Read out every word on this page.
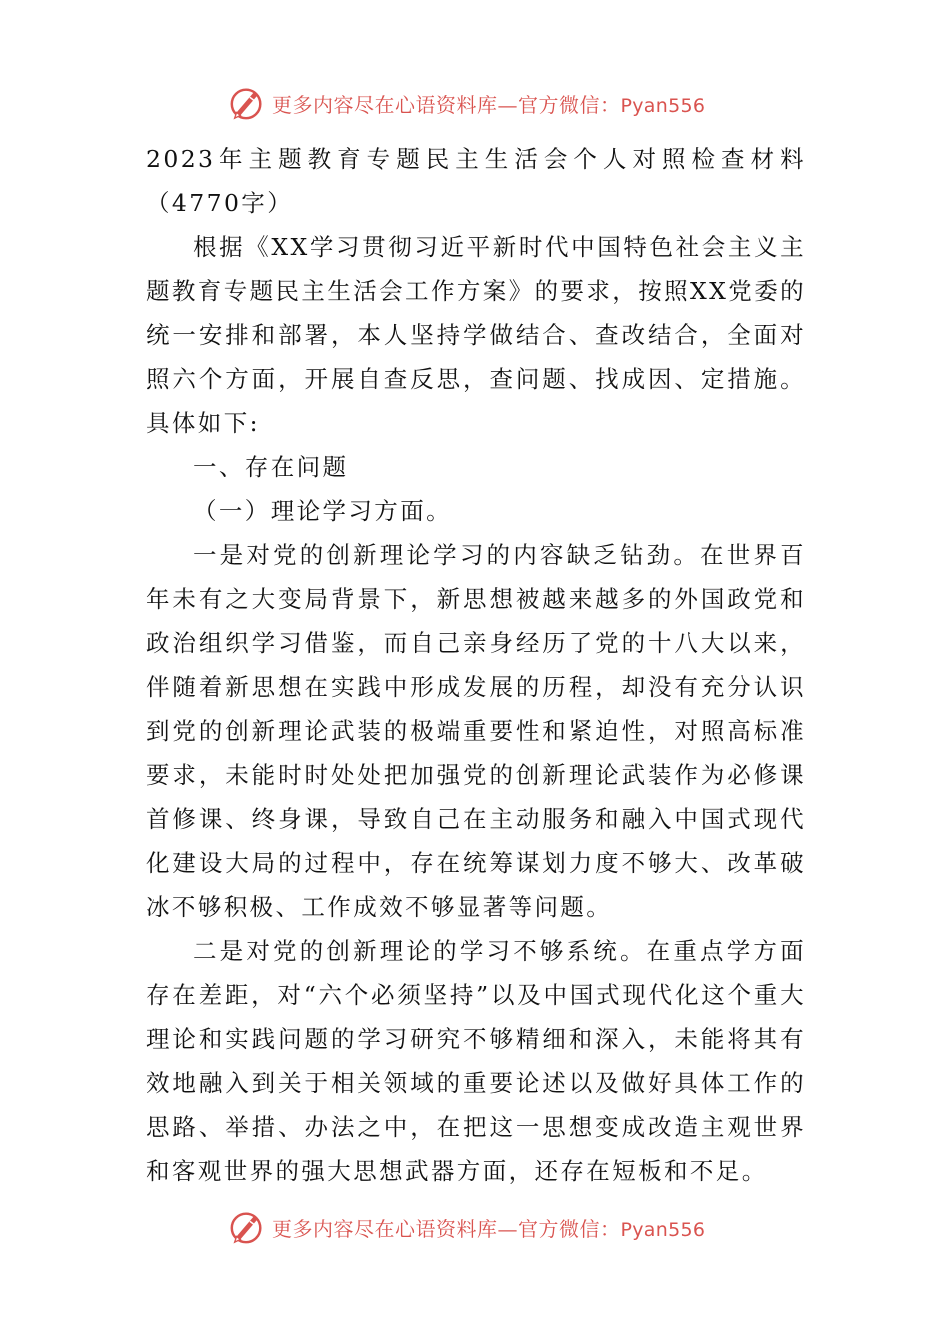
更多内容尽在心语资料库—官方微信：Pyan556

2023年主题教育专题民主生活会个人对照检查材料（4770字）

根据《XX学习贯彻习近平新时代中国特色社会主义主题教育专题民主生活会工作方案》的要求，按照XX党委的统一安排和部署，本人坚持学做结合、查改结合，全面对照六个方面，开展自查反思，查问题、找成因、定措施。具体如下:

一、存在问题

（一）理论学习方面。

一是对党的创新理论学习的内容缺乏钻劲。在世界百年未有之大变局背景下，新思想被越来越多的外国政党和政治组织学习借鉴，而自己亲身经历了党的十八大以来，伴随着新思想在实践中形成发展的历程，却没有充分认识到党的创新理论武装的极端重要性和紧迫性，对照高标准要求，未能时时处处把加强党的创新理论武装作为必修课首修课、终身课，导致自己在主动服务和融入中国式现代化建设大局的过程中，存在统筹谋划力度不够大、改革破冰不够积极、工作成效不够显著等问题。

二是对党的创新理论的学习不够系统。在重点学方面存在差距，对“六个必须坚持”以及中国式现代化这个重大理论和实践问题的学习研究不够精细和深入，未能将其有效地融入到关于相关领域的重要论述以及做好具体工作的思路、举措、办法之中，在把这一思想变成改造主观世界和客观世界的强大思想武器方面，还存在短板和不足。

更多内容尽在心语资料库—官方微信：Pyan556
